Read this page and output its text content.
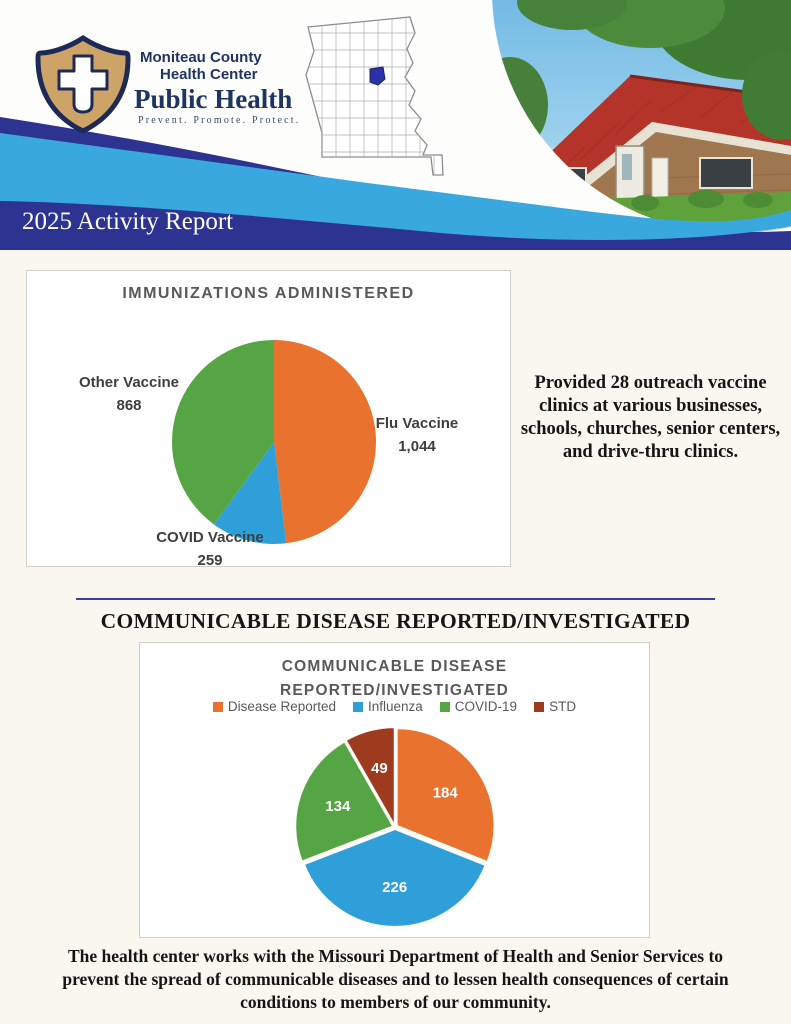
Moniteau County
Health Center
Public Health
Prevent. Promote. Protect.
2025 Activity Report
IMMUNIZATIONS ADMINISTERED
Flu Vaccine
1,044
COVID Vaccine
259
Other Vaccine
868
Provided 28 outreach vaccine clinics at various businesses, schools, churches, senior centers, and drive-thru clinics.
COMMUNICABLE DISEASE REPORTED/INVESTIGATED
COMMUNICABLE DISEASE
REPORTED/INVESTIGATED
Disease Reported Influenza COVID-19 STD
184
226
134
49
The health center works with the Missouri Department of Health and Senior Services to prevent the spread of communicable diseases and to lessen health consequences of certain conditions to members of our community.
